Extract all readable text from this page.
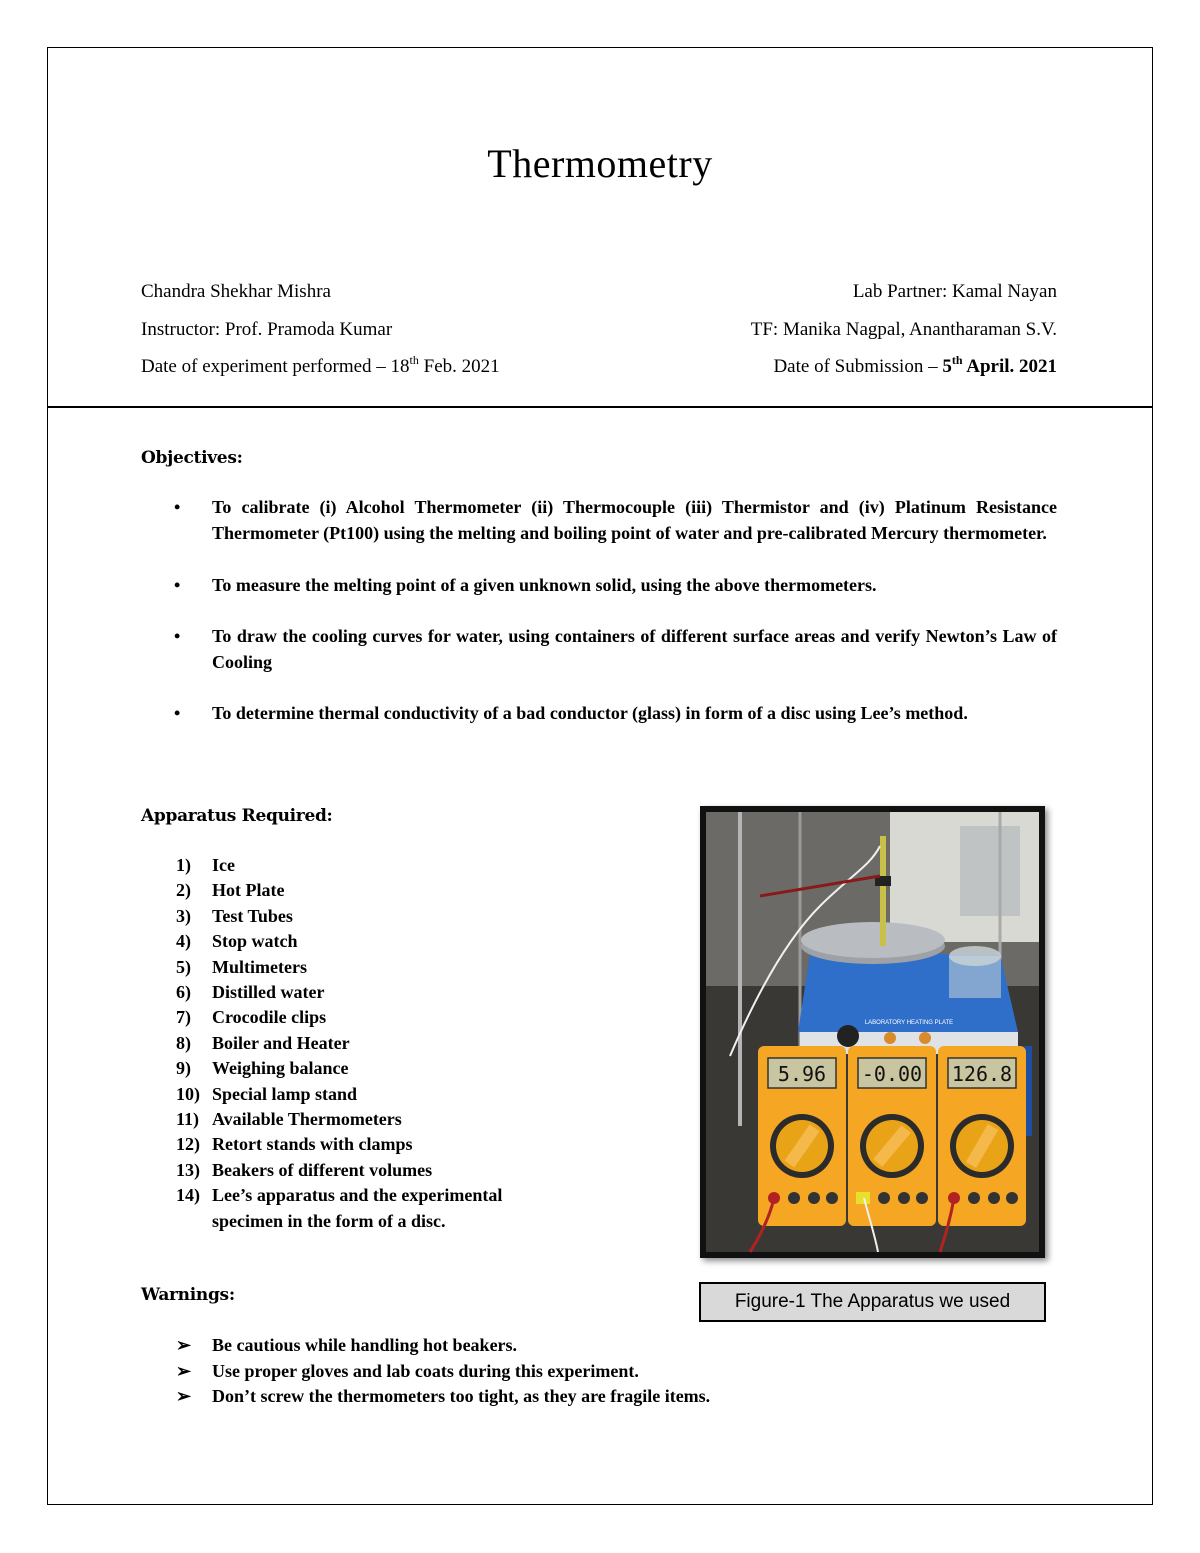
Thermometry
Chandra Shekhar Mishra	Lab Partner: Kamal Nayan
Instructor: Prof. Pramoda Kumar	TF: Manika Nagpal, Anantharaman S.V.
Date of experiment performed – 18th Feb. 2021	Date of Submission – 5th April. 2021
Objectives:
• To calibrate (i) Alcohol Thermometer (ii) Thermocouple (iii) Thermistor and (iv) Platinum Resistance Thermometer (Pt100) using the melting and boiling point of water and pre-calibrated Mercury thermometer.
• To measure the melting point of a given unknown solid, using the above thermometers.
• To draw the cooling curves for water, using containers of different surface areas and verify Newton’s Law of Cooling
• To determine thermal conductivity of a bad conductor (glass) in form of a disc using Lee’s method.
Apparatus Required:
1) Ice
2) Hot Plate
3) Test Tubes
4) Stop watch
5) Multimeters
6) Distilled water
7) Crocodile clips
8) Boiler and Heater
9) Weighing balance
10) Special lamp stand
11) Available Thermometers
12) Retort stands with clamps
13) Beakers of different volumes
14) Lee’s apparatus and the experimental
specimen in the form of a disc.
LABORATORY HEATING PLATE
5.96 -0.00 126.8
Figure-1 The Apparatus we used
Warnings:
➢ Be cautious while handling hot beakers.
➢ Use proper gloves and lab coats during this experiment.
➢ Don’t screw the thermometers too tight, as they are fragile items.
